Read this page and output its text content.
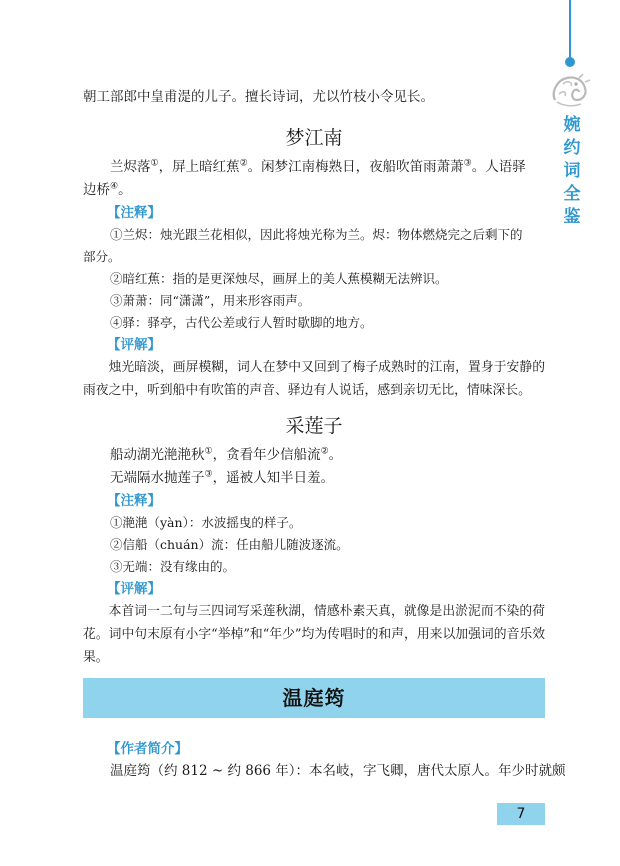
婉约词全鉴

朝工部郎中皇甫湜的儿子。擅长诗词，尤以竹枝小令见长。

梦江南

兰烬落①，屏上暗红蕉②。闲梦江南梅熟日，夜船吹笛雨萧萧③。人语驿
边桥④。

【注释】

①兰烬：烛光跟兰花相似，因此将烛光称为兰。烬：物体燃烧完之后剩下的
部分。

②暗红蕉：指的是更深烛尽，画屏上的美人蕉模糊无法辨识。

③萧萧：同“潇潇”，用来形容雨声。

④驿：驿亭，古代公差或行人暂时歇脚的地方。

【评解】

烛光暗淡，画屏模糊，词人在梦中又回到了梅子成熟时的江南，置身于安静的雨夜之中，听到船中有吹笛的声音、驿边有人说话，感到亲切无比，情味深长。

采莲子

船动湖光滟滟秋①，贪看年少信船流②。

无端隔水抛莲子③，遥被人知半日羞。

【注释】

①滟滟（yàn）：水波摇曳的样子。

②信船（chuán）流：任由船儿随波逐流。

③无端：没有缘由的。

【评解】

本首词一二句与三四词写采莲秋湖，情感朴素天真，就像是出淤泥而不染的荷花。词中句末原有小字“举棹”和“年少”均为传唱时的和声，用来以加强词的音乐效果。

【作者简介】

温庭筠（约 812 ~ 约 866 年）：本名岐，字飞卿，唐代太原人。年少时就颇

温庭筠
7
